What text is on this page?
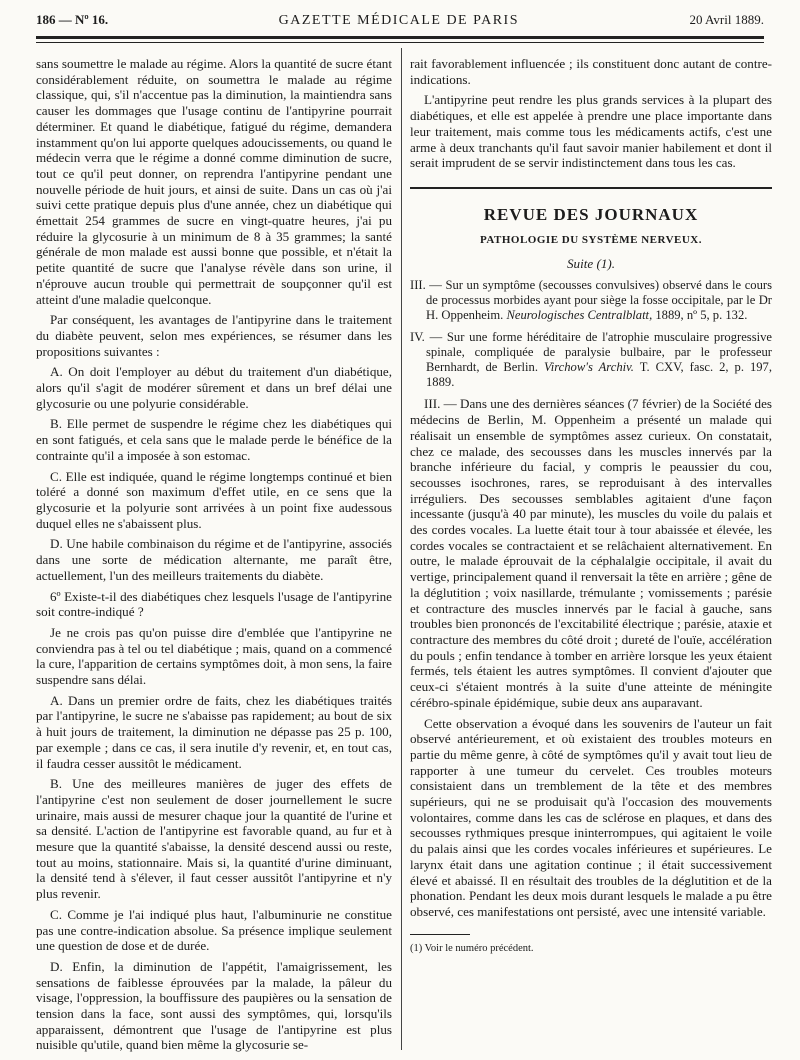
186 — Nº 16.	GAZETTE MÉDICALE DE PARIS	20 Avril 1889.

sans soumettre le malade au régime. Alors la quantité de sucre étant considérablement réduite, on soumettra le malade au régime classique, qui, s'il n'accentue pas la diminution, la maintiendra sans causer les dommages que l'usage continu de l'antipyrine pourrait déterminer. Et quand le diabétique, fatigué du régime, demandera instamment qu'on lui apporte quelques adoucissements, ou quand le médecin verra que le régime a donné comme diminution de sucre, tout ce qu'il peut donner, on reprendra l'antipyrine pendant une nouvelle période de huit jours, et ainsi de suite. Dans un cas où j'ai suivi cette pratique depuis plus d'une année, chez un diabétique qui émettait 254 grammes de sucre en vingt-quatre heures, j'ai pu réduire la glycosurie à un minimum de 8 à 35 grammes; la santé générale de mon malade est aussi bonne que possible, et n'était la petite quantité de sucre que l'analyse révèle dans son urine, il n'éprouve aucun trouble qui permettrait de soupçonner qu'il est atteint d'une maladie quelconque.

Par conséquent, les avantages de l'antipyrine dans le traitement du diabète peuvent, selon mes expériences, se résumer dans les propositions suivantes :

A. On doit l'employer au début du traitement d'un diabétique, alors qu'il s'agit de modérer sûrement et dans un bref délai une glycosurie ou une polyurie considérable.

B. Elle permet de suspendre le régime chez les diabétiques qui en sont fatigués, et cela sans que le malade perde le bénéfice de la contrainte qu'il a imposée à son estomac.

C. Elle est indiquée, quand le régime longtemps continué et bien toléré a donné son maximum d'effet utile, en ce sens que la glycosurie et la polyurie sont arrivées à un point fixe audessous duquel elles ne s'abaissent plus.

D. Une habile combinaison du régime et de l'antipyrine, associés dans une sorte de médication alternante, me paraît être, actuellement, l'un des meilleurs traitements du diabète.

6º Existe-t-il des diabétiques chez lesquels l'usage de l'antipyrine soit contre-indiqué ?

Je ne crois pas qu'on puisse dire d'emblée que l'antipyrine ne conviendra pas à tel ou tel diabétique ; mais, quand on a commencé la cure, l'apparition de certains symptômes doit, à mon sens, la faire suspendre sans délai.

A. Dans un premier ordre de faits, chez les diabétiques traités par l'antipyrine, le sucre ne s'abaisse pas rapidement; au bout de six à huit jours de traitement, la diminution ne dépasse pas 25 p. 100, par exemple ; dans ce cas, il sera inutile d'y revenir, et, en tout cas, il faudra cesser aussitôt le médicament.

B. Une des meilleures manières de juger des effets de l'antipyrine c'est non seulement de doser journellement le sucre urinaire, mais aussi de mesurer chaque jour la quantité de l'urine et sa densité. L'action de l'antipyrine est favorable quand, au fur et à mesure que la quantité s'abaisse, la densité descend aussi ou reste, tout au moins, stationnaire. Mais si, la quantité d'urine diminuant, la densité tend à s'élever, il faut cesser aussitôt l'antipyrine et n'y plus revenir.

C. Comme je l'ai indiqué plus haut, l'albuminurie ne constitue pas une contre-indication absolue. Sa présence implique seulement une question de dose et de durée.

D. Enfin, la diminution de l'appétit, l'amaigrissement, les sensations de faiblesse éprouvées par la malade, la pâleur du visage, l'oppression, la bouffissure des paupières ou la sensation de tension dans la face, sont aussi des symptômes, qui, lorsqu'ils apparaissent, démontrent que l'usage de l'antipyrine est plus nuisible qu'utile, quand bien même la glycosurie se-

rait favorablement influencée ; ils constituent donc autant de contre-indications.

L'antipyrine peut rendre les plus grands services à la plupart des diabétiques, et elle est appelée à prendre une place importante dans leur traitement, mais comme tous les médicaments actifs, c'est une arme à deux tranchants qu'il faut savoir manier habilement et dont il serait imprudent de se servir indistinctement dans tous les cas.

REVUE DES JOURNAUX
PATHOLOGIE DU SYSTÈME NERVEUX.
Suite (1).

III. — Sur un symptôme (secousses convulsives) observé dans le cours de processus morbides ayant pour siège la fosse occipitale, par le Dr H. Oppenheim. Neurologisches Centralblatt, 1889, nº 5, p. 132.

IV. — Sur une forme héréditaire de l'atrophie musculaire progressive spinale, compliquée de paralysie bulbaire, par le professeur Bernhardt, de Berlin. Virchow's Archiv. T. CXV, fasc. 2, p. 197, 1889.

III. — Dans une des dernières séances (7 février) de la Société des médecins de Berlin, M. Oppenheim a présenté un malade qui réalisait un ensemble de symptômes assez curieux. On constatait, chez ce malade, des secousses dans les muscles innervés par la branche inférieure du facial, y compris le peaussier du cou, secousses isochrones, rares, se reproduisant à des intervalles irréguliers. Des secousses semblables agitaient d'une façon incessante (jusqu'à 40 par minute), les muscles du voile du palais et des cordes vocales. La luette était tour à tour abaissée et élevée, les cordes vocales se contractaient et se relâchaient alternativement. En outre, le malade éprouvait de la céphalalgie occipitale, il avait du vertige, principalement quand il renversait la tête en arrière ; gêne de la déglutition ; voix nasillarde, trémulante ; vomissements ; parésie et contracture des muscles innervés par le facial à gauche, sans troubles bien prononcés de l'excitabilité électrique ; parésie, ataxie et contracture des membres du côté droit ; dureté de l'ouïe, accélération du pouls ; enfin tendance à tomber en arrière lorsque les yeux étaient fermés, tels étaient les autres symptômes. Il convient d'ajouter que ceux-ci s'étaient montrés à la suite d'une atteinte de méningite cérébro-spinale épidémique, subie deux ans auparavant.

Cette observation a évoqué dans les souvenirs de l'auteur un fait observé antérieurement, et où existaient des troubles moteurs en partie du même genre, à côté de symptômes qu'il y avait tout lieu de rapporter à une tumeur du cervelet. Ces troubles moteurs consistaient dans un tremblement de la tête et des membres supérieurs, qui ne se produisait qu'à l'occasion des mouvements volontaires, comme dans les cas de sclérose en plaques, et dans des secousses rythmiques presque ininterrompues, qui agitaient le voile du palais ainsi que les cordes vocales inférieures et supérieures. Le larynx était dans une agitation continue ; il était successivement élevé et abaissé. Il en résultait des troubles de la déglutition et de la phonation. Pendant les deux mois durant lesquels le malade a pu être observé, ces manifestations ont persisté, avec une intensité variable.

(1) Voir le numéro précédent.
